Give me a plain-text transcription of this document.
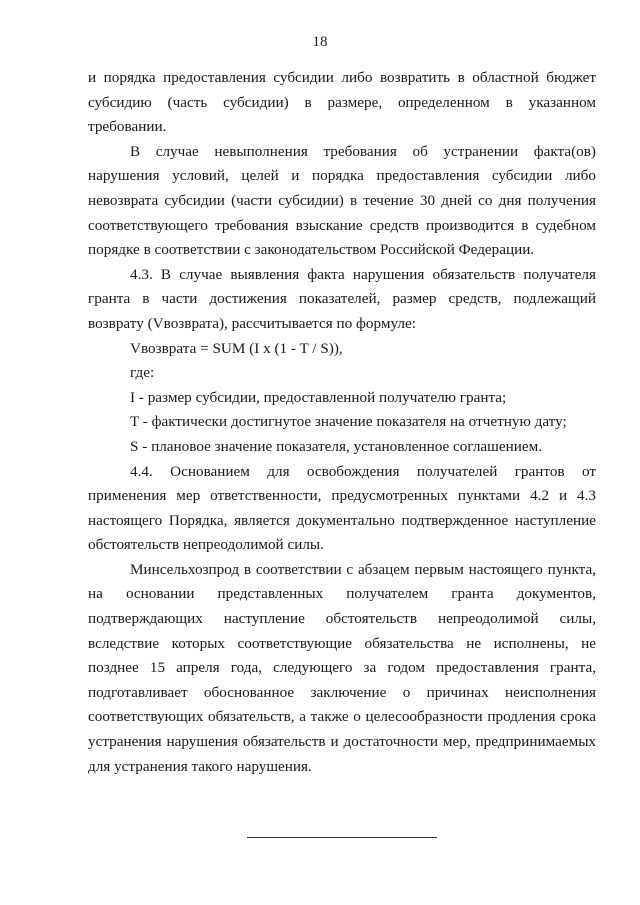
18
и порядка предоставления субсидии либо возвратить в областной бюджет
субсидию (часть субсидии) в размере, определенном в указанном
требовании.
В случае невыполнения требования об устранении факта(ов)
нарушения условий, целей и порядка предоставления субсидии либо
невозврата субсидии (части субсидии) в течение 30 дней со дня получения
соответствующего требования взыскание средств производится в судебном
порядке в соответствии с законодательством Российской Федерации.
4.3. В случае выявления факта нарушения обязательств получателя
гранта в части достижения показателей, размер средств, подлежащий
возврату (Vвозврата), рассчитывается по формуле:
Vвозврата = SUM (I x (1 - T / S)),
где:
I - размер субсидии, предоставленной получателю гранта;
T - фактически достигнутое значение показателя на отчетную дату;
S - плановое значение показателя, установленное соглашением.
4.4. Основанием для освобождения получателей грантов от
применения мер ответственности, предусмотренных пунктами 4.2 и 4.3
настоящего Порядка, является документально подтвержденное наступление
обстоятельств непреодолимой силы.
Минсельхозпрод в соответствии с абзацем первым настоящего пункта,
на основании представленных получателем гранта документов,
подтверждающих наступление обстоятельств непреодолимой силы,
вследствие которых соответствующие обязательства не исполнены, не
позднее 15 апреля года, следующего за годом предоставления гранта,
подготавливает обоснованное заключение о причинах неисполнения
соответствующих обязательств, а также о целесообразности продления срока
устранения нарушения обязательств и достаточности мер, предпринимаемых
для устранения такого нарушения.
